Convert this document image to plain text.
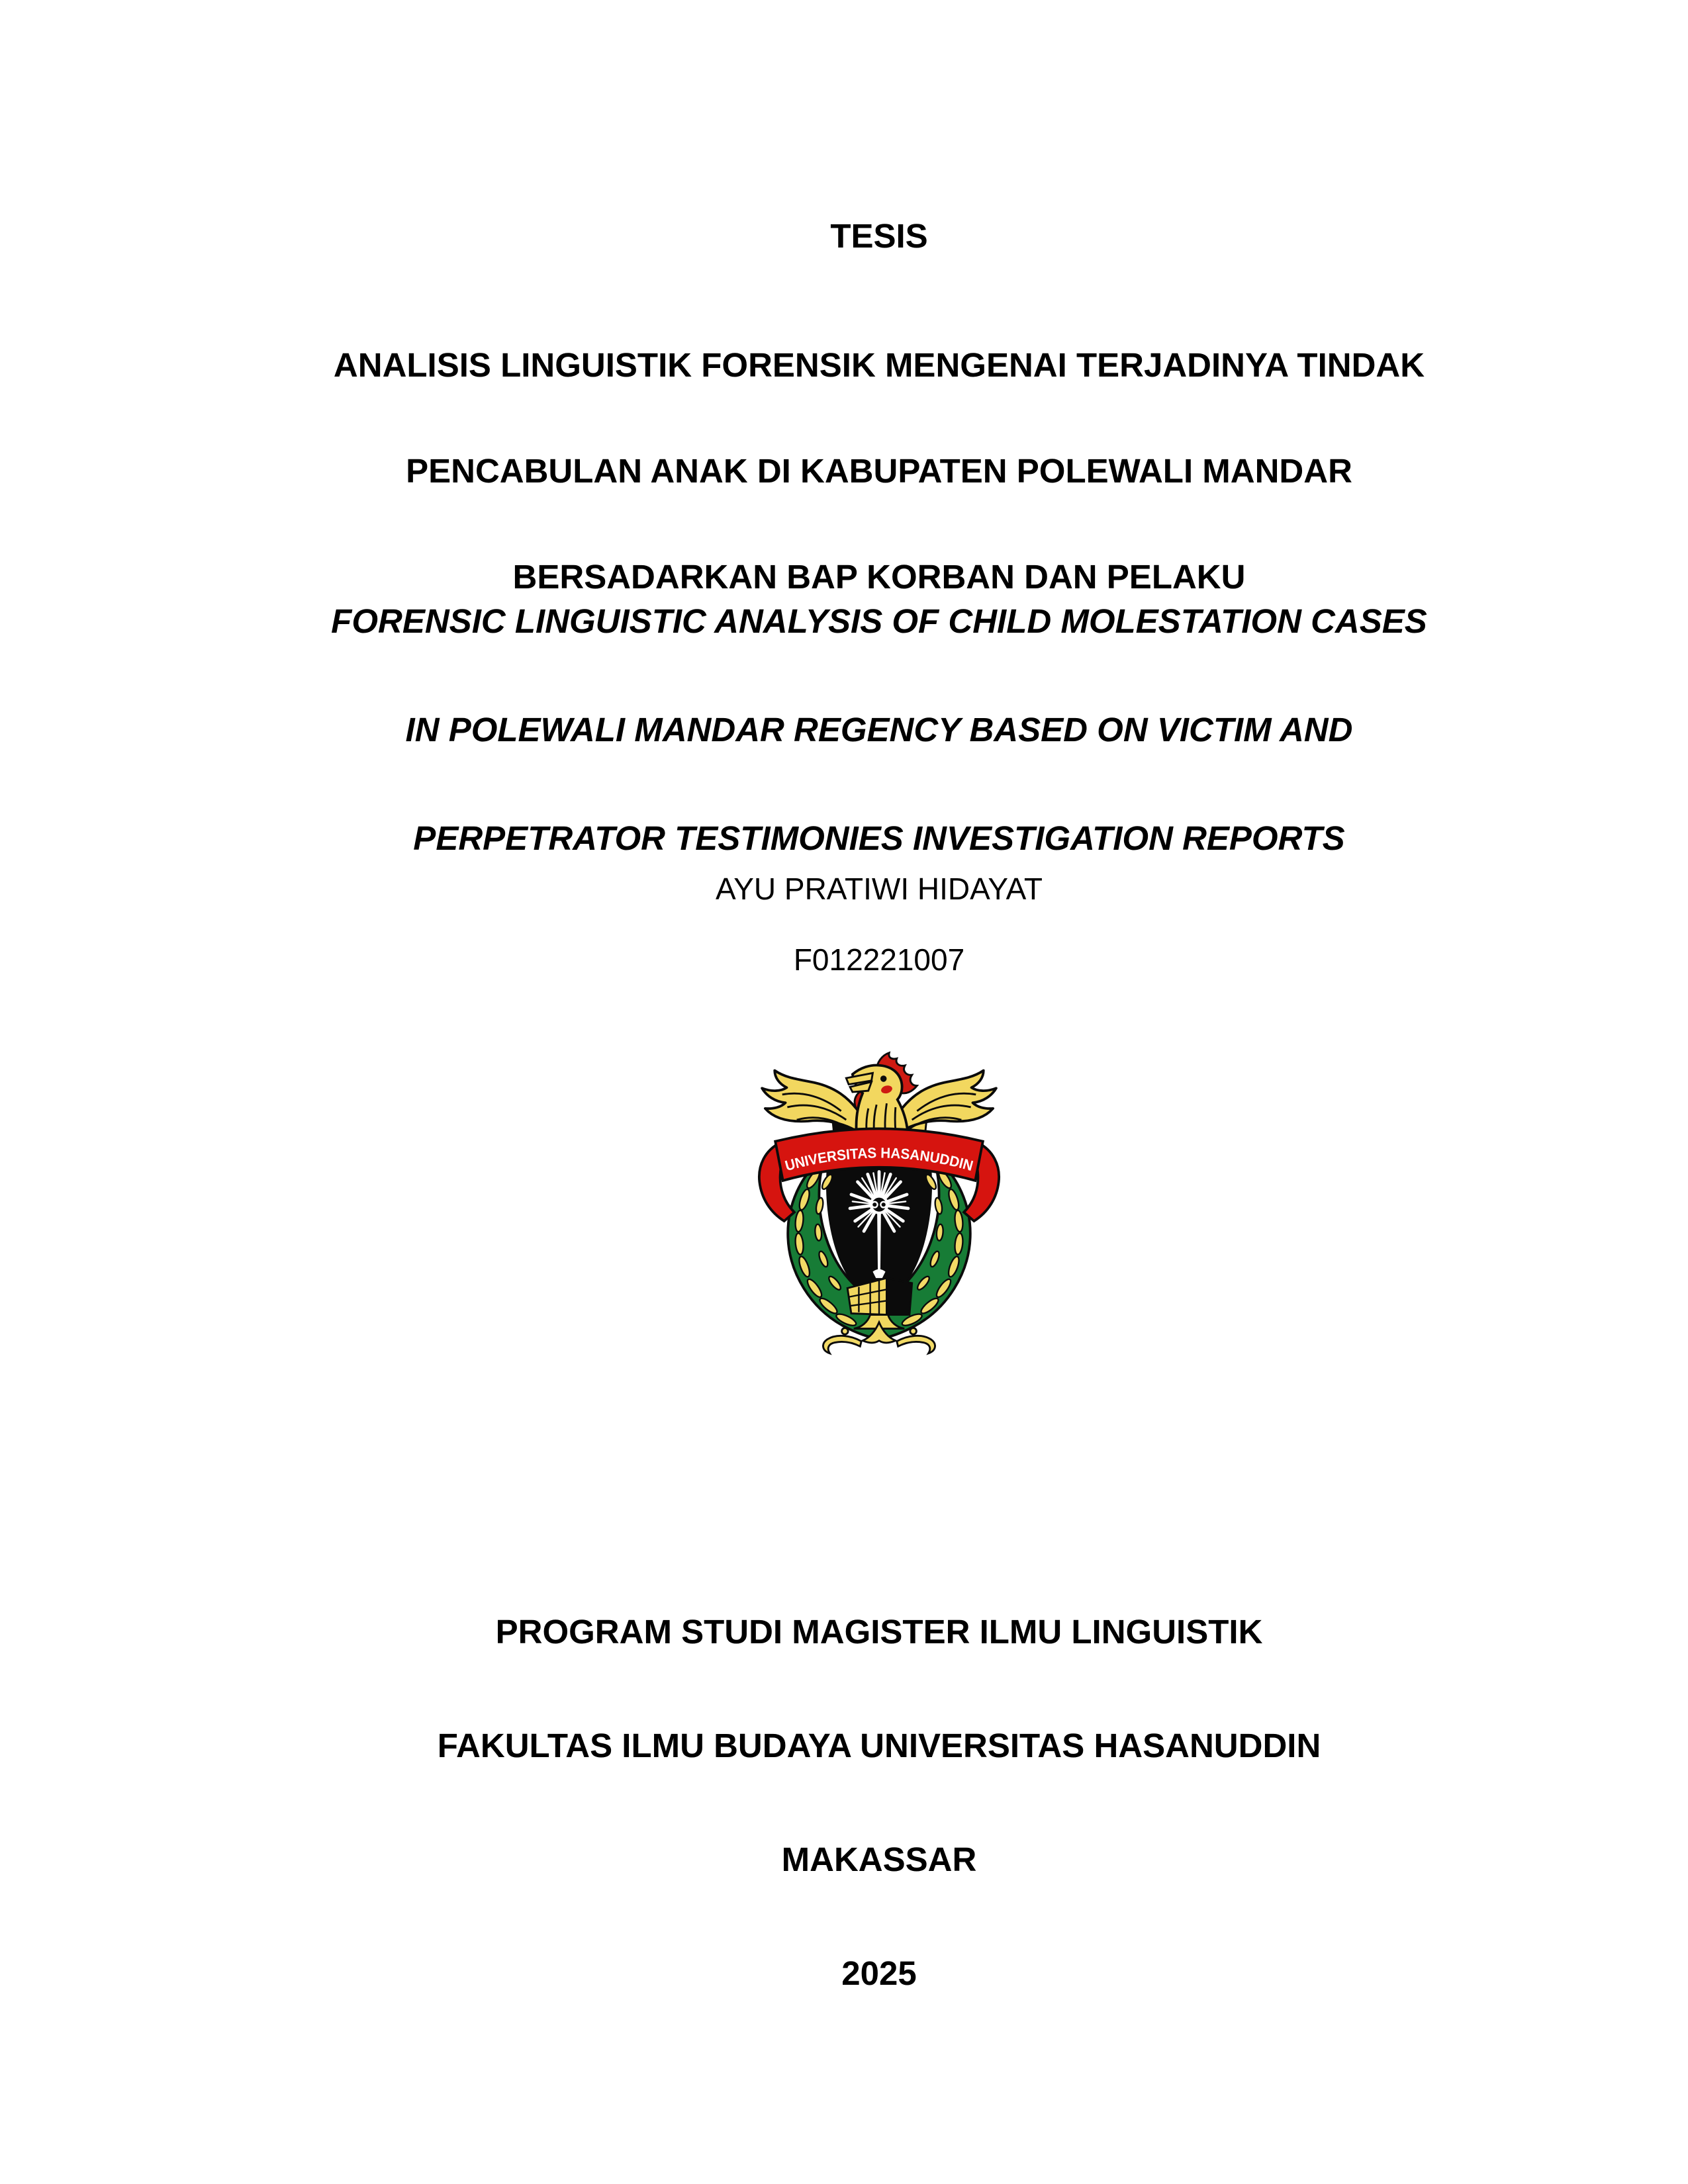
TESIS

ANALISIS LINGUISTIK FORENSIK MENGENAI TERJADINYA TINDAK

PENCABULAN ANAK DI KABUPATEN POLEWALI MANDAR

BERSADARKAN BAP KORBAN DAN PELAKU

FORENSIC LINGUISTIC ANALYSIS OF CHILD MOLESTATION CASES

IN POLEWALI MANDAR REGENCY BASED ON VICTIM AND

PERPETRATOR TESTIMONIES INVESTIGATION REPORTS

AYU PRATIWI HIDAYAT
F012221007
UNIVERSITAS HASANUDDIN

PROGRAM STUDI MAGISTER ILMU LINGUISTIK

FAKULTAS ILMU BUDAYA UNIVERSITAS HASANUDDIN

MAKASSAR

2025
